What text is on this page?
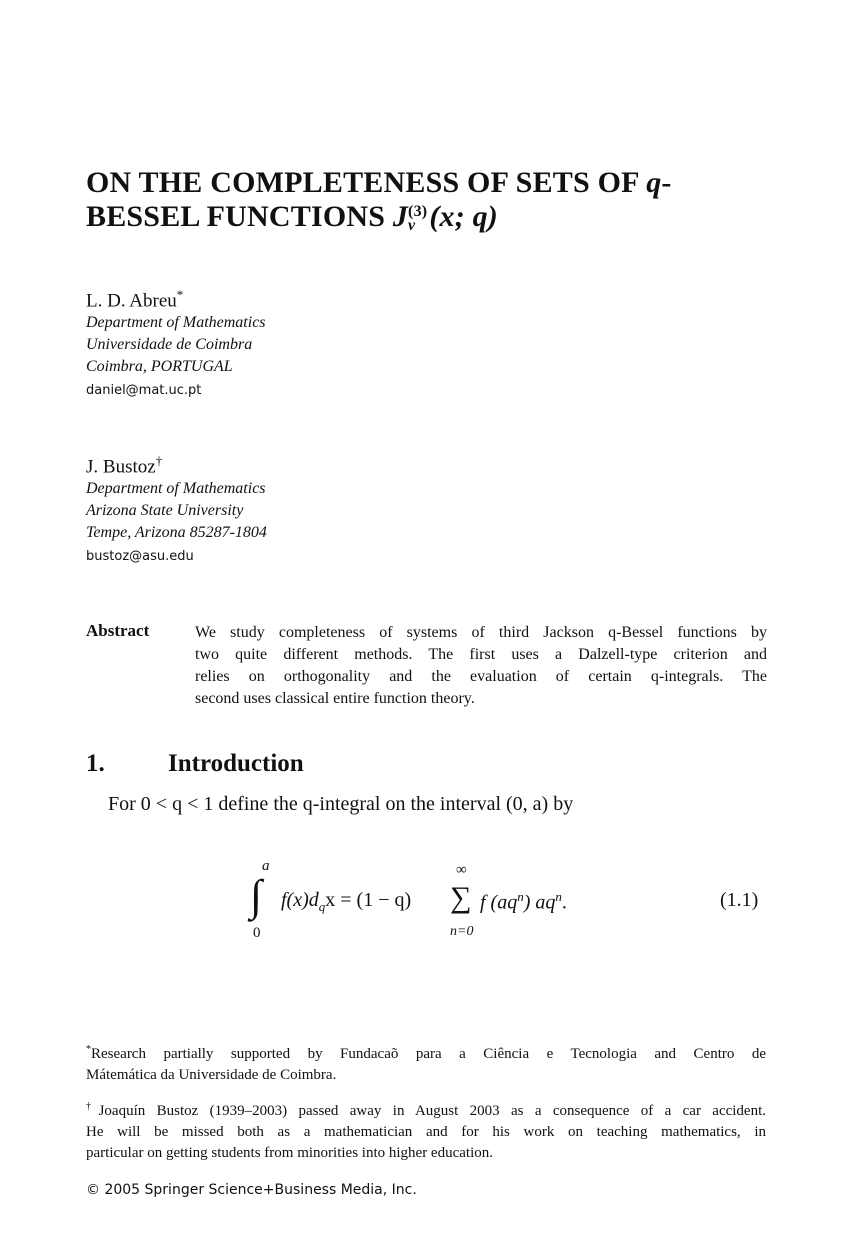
ON THE COMPLETENESS OF SETS OF q-
BESSEL FUNCTIONS J (3)
ν (x; q)
L. D. Abreu*
Department of Mathematics
Universidade de Coimbra
Coimbra, PORTUGAL
daniel@mat.uc.pt
J. Bustoz†
Department of Mathematics
Arizona State University
Tempe, Arizona 85287-1804
bustoz@asu.edu
Abstract	We study completeness of systems of third Jackson q-Bessel functions by
two quite different methods. The first uses a Dalzell-type criterion and
relies on orthogonality and the evaluation of certain q-integrals. The
second uses classical entire function theory.
1.	Introduction
For 0 < q < 1 define the q-integral on the interval (0, a) by
a
∫
0
$f(x)d_qx = (1 - q)$
∞
∑
n=0
f $(aq^n)$ $aq^n$.	(1.1)
*Research partially supported by Fundacaõ para a Ciência e Tecnologia and Centro de
Mátemática da Universidade de Coimbra.
†Joaquín Bustoz (1939–2003) passed away in August 2003 as a consequence of a car accident.
He will be missed both as a mathematician and for his work on teaching mathematics, in
particular on getting students from minorities into higher education.
© 2005 Springer Science+Business Media, Inc.
